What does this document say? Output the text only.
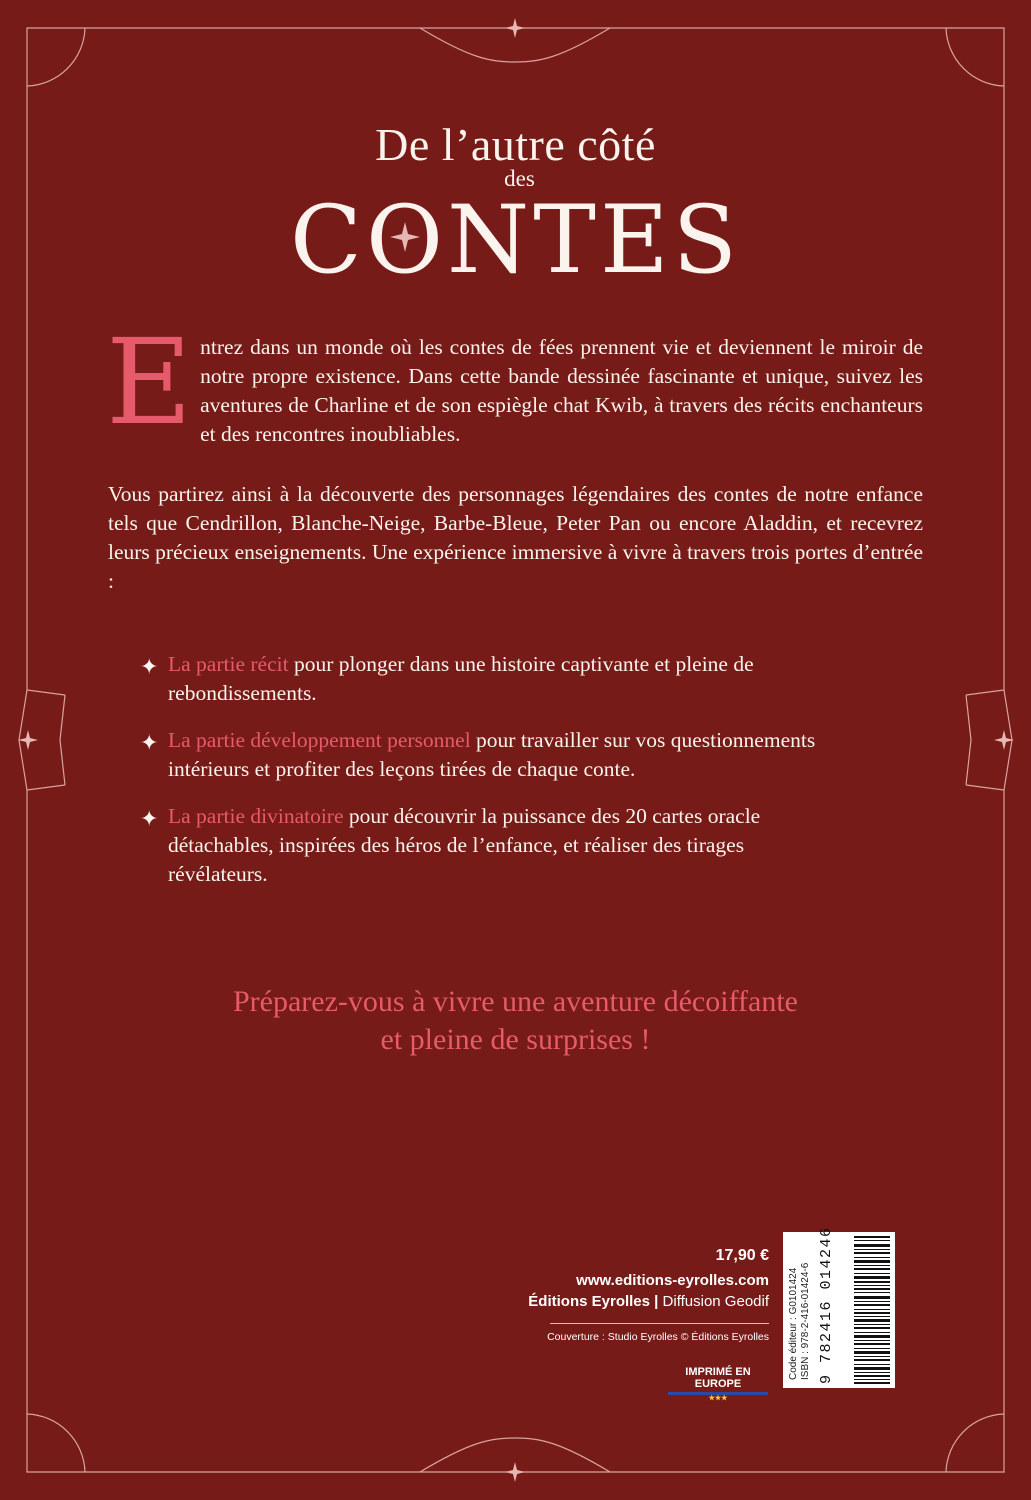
De l’autre côté
des
CONTES
Entrez dans un monde où les contes de fées prennent vie et deviennent le miroir de notre propre existence. Dans cette bande dessinée fascinante et unique, suivez les aventures de Charline et de son espiègle chat Kwib, à travers des récits enchanteurs et des rencontres inoubliables.
Vous partirez ainsi à la découverte des personnages légendaires des contes de notre enfance tels que Cendrillon, Blanche-Neige, Barbe-Bleue, Peter Pan ou encore Aladdin, et recevrez leurs précieux enseignements. Une expérience immersive à vivre à travers trois portes d’entrée :
✦ La partie récit pour plonger dans une histoire captivante et pleine de rebondissements.
✦ La partie développement personnel pour travailler sur vos questionnements intérieurs et profiter des leçons tirées de chaque conte.
✦ La partie divinatoire pour découvrir la puissance des 20 cartes oracle détachables, inspirées des héros de l’enfance, et réaliser des tirages révélateurs.
Préparez-vous à vivre une aventure décoiffante
et pleine de surprises !
17,90 €
www.editions-eyrolles.com
Éditions Eyrolles | Diffusion Geodif
Couverture : Studio Eyrolles © Éditions Eyrolles
IMPRIMÉ EN EUROPE
★★★
Code éditeur : G0101424 ISBN : 978-2-416-01424-6 9 782416 014246
